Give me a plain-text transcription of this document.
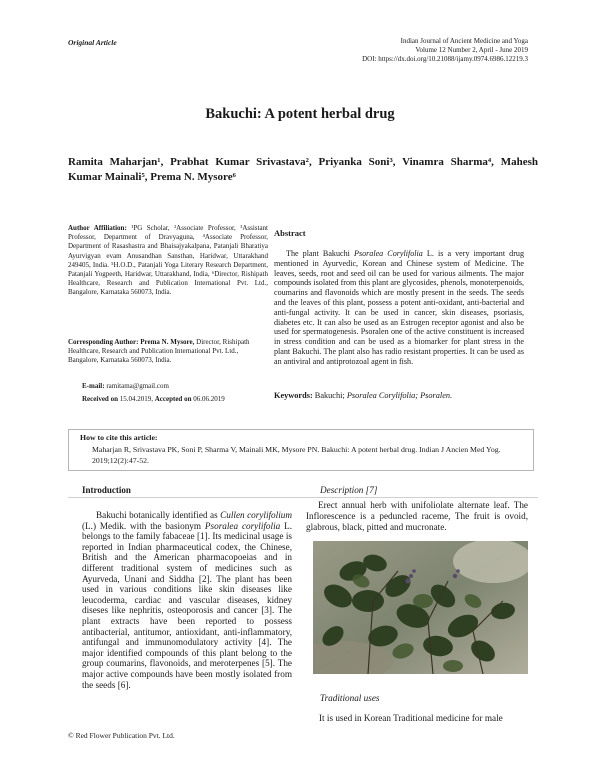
Original Article	Indian Journal of Ancient Medicine and Yoga
Volume 12 Number 2, April - June 2019
DOI: https://dx.doi.org/10.21088/ijamy.0974.6986.12219.3
Bakuchi: A potent herbal drug
Ramita Maharjan¹, Prabhat Kumar Srivastava², Priyanka Soni³, Vinamra Sharma⁴, Mahesh Kumar Mainali⁵, Prema N. Mysore⁶
Author Affiliation: ¹PG Scholar, ²Associate Professor, ³Assistant Professor, Department of Dravyaguna, ⁴Associate Professor, Department of Rasashastra and Bhaisajyakalpana, Patanjali Bharatiya Ayurvigyan evam Anusandhan Sansthan, Haridwar, Uttarakhand 249405, India. ⁵H.O.D., Patanjali Yoga Literary Research Department, Patanjali Yogpeeth, Haridwar, Uttarakhand, India, ⁶Director, Rishipath Healthcare, Research and Publication International Pvt. Ltd., Bangalore, Karnataka 560073, India.
Corresponding Author: Prema N. Mysore, Director, Rishipath Healthcare, Research and Publication International Pvt. Ltd., Bangalore, Karnataka 560073, India.
E-mail: ramitama@gmail.com
Received on 15.04.2019, Accepted on 06.06.2019
Abstract
The plant Bakuchi Psoralea Corylifolia L. is a very important drug mentioned in Ayurvedic, Korean and Chinese system of Medicine. The leaves, seeds, root and seed oil can be used for various ailments. The major compounds isolated from this plant are glycosides, phenols, monoterpenoids, coumarins and flavonoids which are mostly present in the seeds. The seeds and the leaves of this plant, possess a potent anti-oxidant, anti-bacterial and anti-fungal activity. It can be used in cancer, skin diseases, psoriasis, diabetes etc. It can also be used as an Estrogen receptor agonist and also be used for spermatogenesis. Psoralen one of the active constituent is increased in stress condition and can be used as a biomarker for plant stress in the plant Bakuchi. The plant also has radio resistant properties. It can be used as an antiviral and antiprotozoal agent in fish.
Keywords: Bakuchi; Psoralea Corylifolia; Psoralen.
How to cite this article:
Maharjan R, Srivastava PK, Soni P, Sharma V, Mainali MK, Mysore PN. Bakuchi: A potent herbal drug. Indian J Ancien Med Yog. 2019;12(2):47-52.
Introduction
Bakuchi botanically identified as Cullen corylifolium (L.) Medik. with the basionym Psoralea corylifolia L. belongs to the family fabaceae [1]. Its medicinal usage is reported in Indian pharmaceutical codex, the Chinese, British and the American pharmacopoeias and in different traditional system of medicines such as Ayurveda, Unani and Siddha [2]. The plant has been used in various conditions like skin diseases like leucoderma, cardiac and vascular diseases, kidney diseses like nephritis, osteoporosis and cancer [3]. The plant extracts have been reported to possess antibacterial, antitumor, antioxidant, anti-inflammatory, antifungal and immunomodulatory activity [4]. The major identified compounds of this plant belong to the group coumarins, flavonoids, and meroterpenes [5]. The major active compounds have been mostly isolated from the seeds [6].
Description [7]
Erect annual herb with unifoliolate alternate leaf. The Inflorescence is a peduncled raceme, The fruit is ovoid, glabrous, black, pitted and mucronate.
Traditional uses
It is used in Korean Traditional medicine for male
© Red Flower Publication Pvt. Ltd.
